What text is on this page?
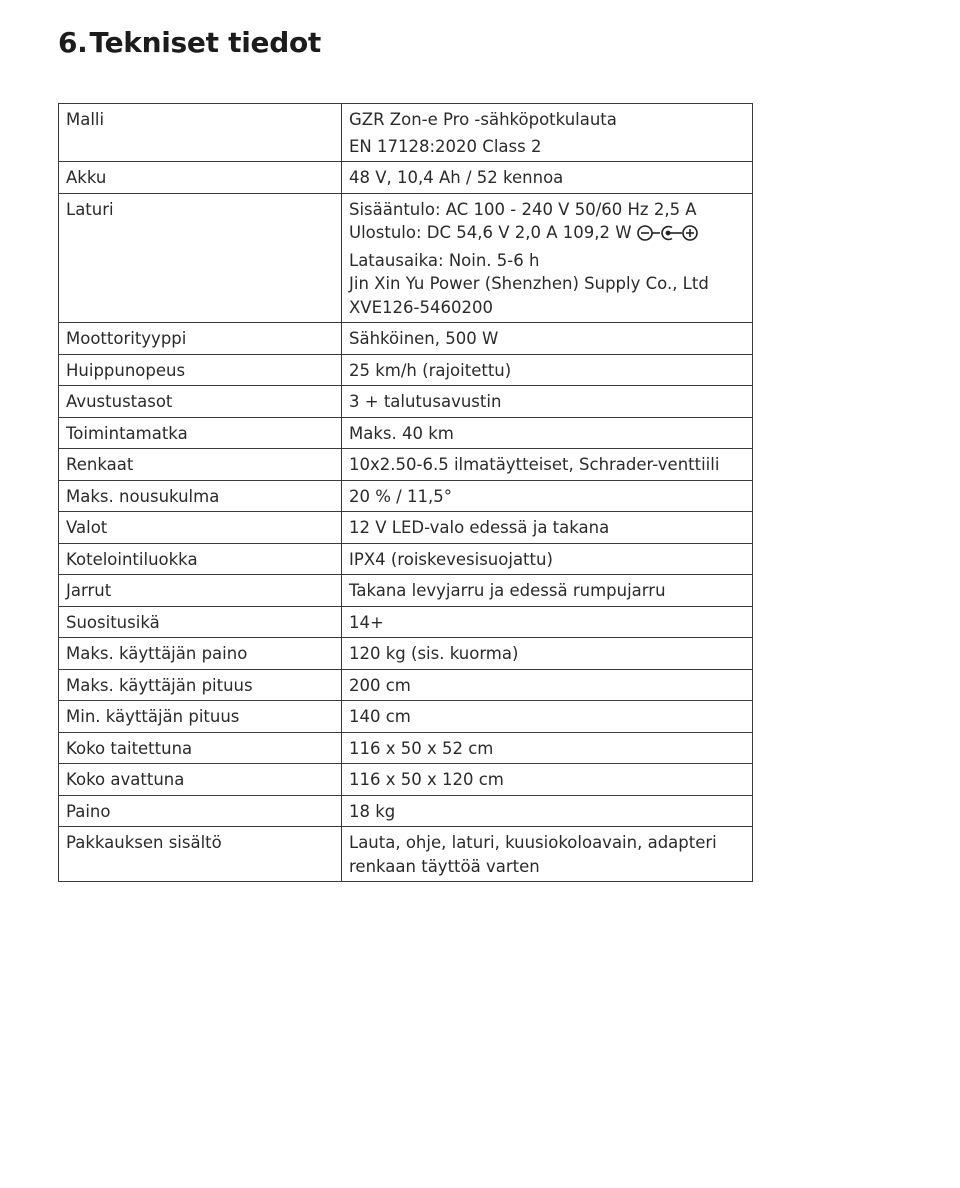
6.Tekniset tiedot
Malli	GZR Zon-e Pro -sähköpotkulauta
EN 17128:2020 Class 2

Akku	48 V, 10,4 Ah / 52 kennoa

Laturi	Sisääntulo: AC 100 - 240 V 50/60 Hz 2,5 A
Ulostulo: DC 54,6 V 2,0 A 109,2 W
Latausaika: Noin. 5-6 h
Jin Xin Yu Power (Shenzhen) Supply Co., Ltd
XVE126-5460200

Moottorityyppi	Sähköinen, 500 W

Huippunopeus	25 km/h (rajoitettu)

Avustustasot	3 + talutusavustin

Toimintamatka	Maks. 40 km

Renkaat	10x2.50-6.5 ilmatäytteiset, Schrader-venttiili

Maks. nousukulma	20 % / 11,5°

Valot	12 V LED-valo edessä ja takana

Kotelointiluokka	IPX4 (roiskevesisuojattu)

Jarrut	Takana levyjarru ja edessä rumpujarru

Suositusikä	14+

Maks. käyttäjän paino	120 kg (sis. kuorma)

Maks. käyttäjän pituus	200 cm

Min. käyttäjän pituus	140 cm

Koko taitettuna	116 x 50 x 52 cm

Koko avattuna	116 x 50 x 120 cm

Paino	18 kg

Pakkauksen sisältö	Lauta, ohje, laturi, kuusiokoloavain, adapteri
renkaan täyttöä varten
